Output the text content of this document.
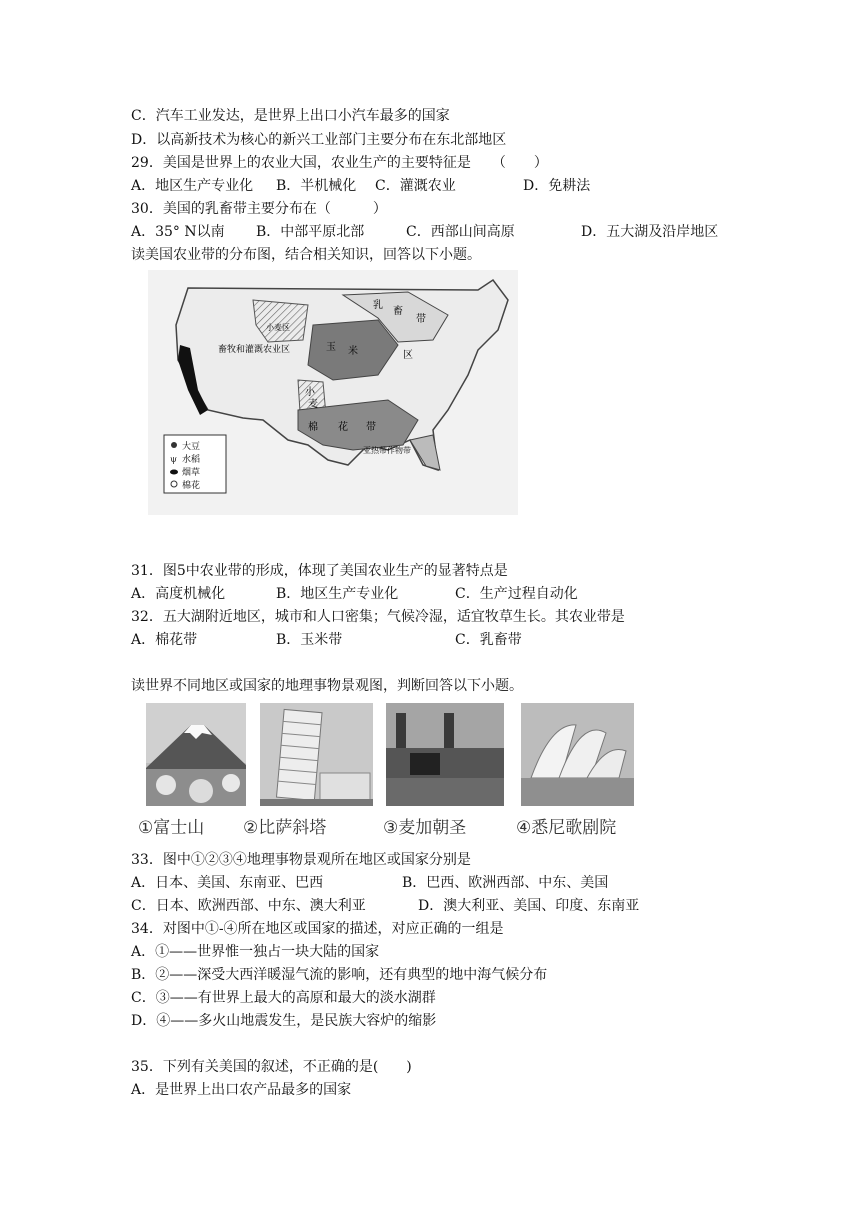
C．汽车工业发达，是世界上出口小汽车最多的国家
D．以高新技术为核心的新兴工业部门主要分布在东北部地区
29．美国是世界上的农业大国，农业生产的主要特征是　　（　　）
A．地区生产专业化 B．半机械化 C．灌溉农业	D．免耕法
30．美国的乳畜带主要分布在（　　　）
A．35° N以南 B．中部平原北部	C．西部山间高原	D．五大湖及沿岸地区
读美国农业带的分布图，结合相关知识，回答以下小题。
畜牧和灌溉农业区
小麦区
乳
畜
带
玉 米
小
麦
区
棉 花 带
亚热带作物带
大豆
ψ 水稻
烟草
棉花
31．图5中农业带的形成，体现了美国农业生产的显著特点是
A．高度机械化	B．地区生产专业化	C．生产过程自动化
32．五大湖附近地区，城市和人口密集；气候冷湿，适宜牧草生长。其农业带是
A．棉花带	B．玉米带	C．乳畜带
读世界不同地区或国家的地理事物景观图，判断回答以下小题。
①富士山 ②比萨斜塔	③麦加朝圣	④悉尼歌剧院
33．图中①②③④地理事物景观所在地区或国家分别是
A．日本、美国、东南亚、巴西	B．巴西、欧洲西部、中东、美国
C．日本、欧洲西部、中东、澳大利亚	D．澳大利亚、美国、印度、东南亚
34．对图中①-④所在地区或国家的描述，对应正确的一组是
A．①——世界惟一独占一块大陆的国家
B．②——深受大西洋暖湿气流的影响，还有典型的地中海气候分布
C．③——有世界上最大的高原和最大的淡水湖群
D．④——多火山地震发生，是民族大容炉的缩影
35．下列有关美国的叙述，不正确的是(　　)
A．是世界上出口农产品最多的国家
